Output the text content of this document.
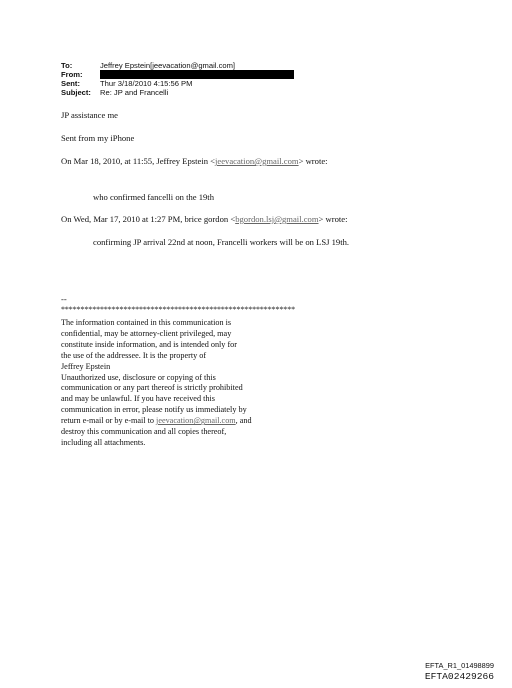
To:	Jeffrey Epstein[jeevacation@gmail.com]
From:
Sent:	Thur 3/18/2010 4:15:56 PM
Subject: Re: JP and Francelli
JP assistance me
Sent from my iPhone
On Mar 18, 2010, at 11:55, Jeffrey Epstein <jeevacation@gmail.com> wrote:
who confirmed fancelli on the 19th
On Wed, Mar 17, 2010 at 1:27 PM, brice gordon <bgordon.lsj@gmail.com> wrote:
confirming JP arrival 22nd at noon, Francelli workers will be on LSJ 19th.
--
************************************************************
The information contained in this communication is
confidential, may be attorney-client privileged, may
constitute inside information, and is intended only for
the use of the addressee. It is the property of
Jeffrey Epstein
Unauthorized use, disclosure or copying of this
communication or any part thereof is strictly prohibited
and may be unlawful. If you have received this
communication in error, please notify us immediately by
return e-mail or by e-mail to jeevacation@gmail.com, and
destroy this communication and all copies thereof,
including all attachments.
EFTA_R1_01498899
EFTA02429266
